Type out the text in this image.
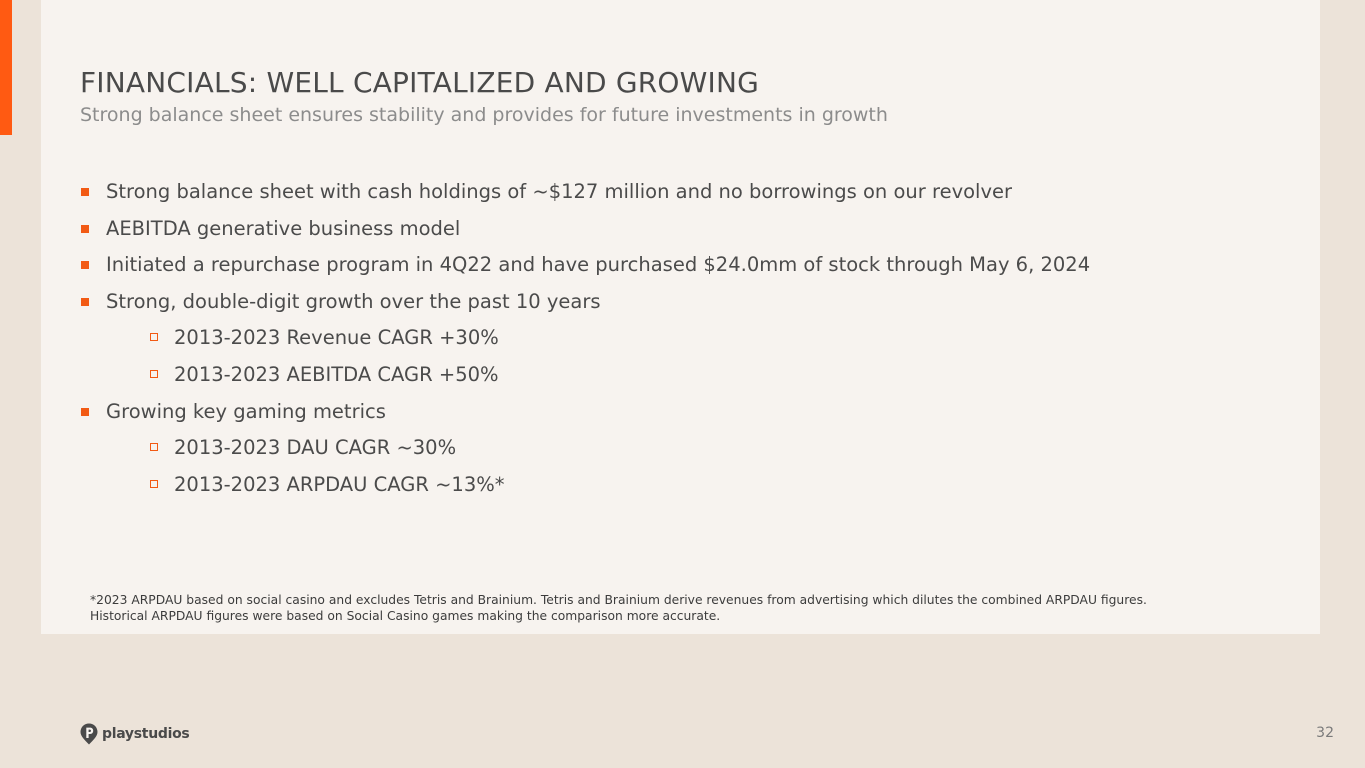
FINANCIALS: WELL CAPITALIZED AND GROWING

Strong balance sheet ensures stability and provides for future investments in growth

Strong balance sheet with cash holdings of ~$127 million and no borrowings on our revolver
AEBITDA generative business model
Initiated a repurchase program in 4Q22 and have purchased $24.0mm of stock through May 6, 2024
Strong, double-digit growth over the past 10 years
2013-2023 Revenue CAGR +30%
2013-2023 AEBITDA CAGR +50%
Growing key gaming metrics
2013-2023 DAU CAGR ~30%
2013-2023 ARPDAU CAGR ~13%*
*2023 ARPDAU based on social casino and excludes Tetris and Brainium. Tetris and Brainium derive revenues from advertising which dilutes the combined ARPDAU figures.
Historical ARPDAU figures were based on Social Casino games making the comparison more accurate.
playstudios	32
